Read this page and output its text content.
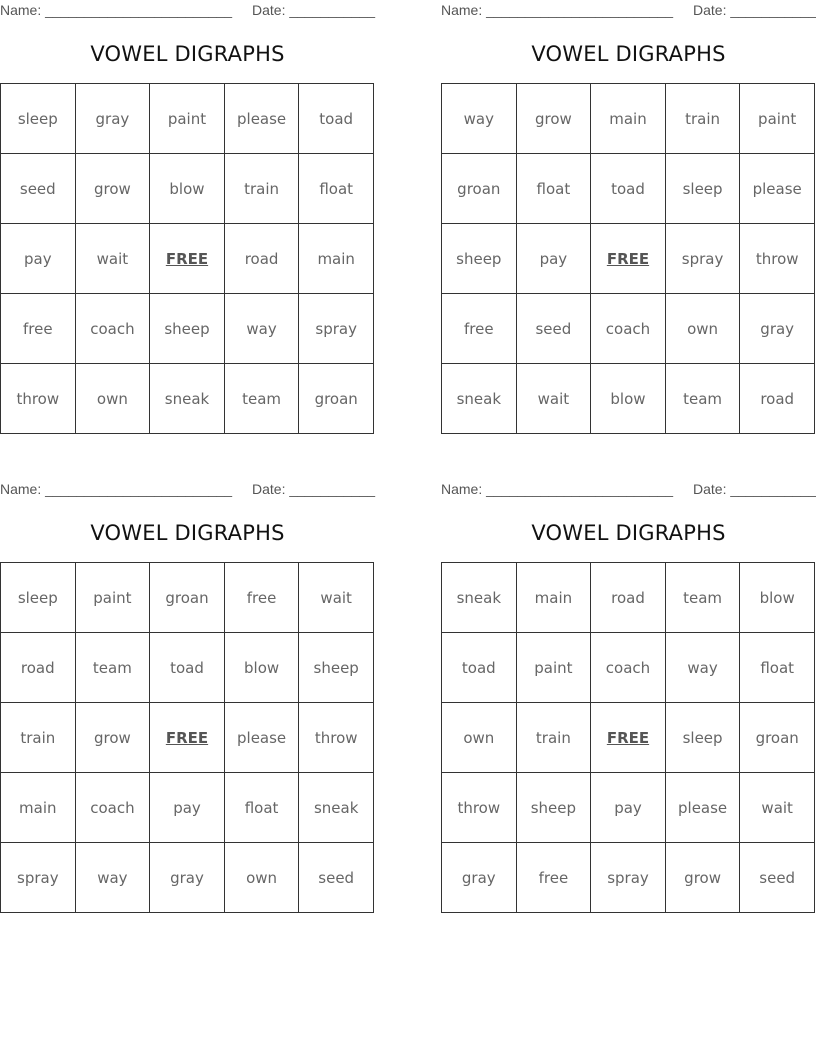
Name: ________________________ Date: ___________
VOWEL DIGRAPHS
sleep	gray	paint	please	toad
seed	grow	blow	train	float
pay	wait	FREE	road	main
free	coach	sheep	way	spray
throw	own	sneak	team	groan
Name: ________________________ Date: ___________
VOWEL DIGRAPHS
way	grow	main	train	paint
groan	float	toad	sleep	please
sheep	pay	FREE	spray	throw
free	seed	coach	own	gray
sneak	wait	blow	team	road
Name: ________________________ Date: ___________
VOWEL DIGRAPHS
sleep	paint	groan	free	wait
road	team	toad	blow	sheep
train	grow	FREE	please	throw
main	coach	pay	float	sneak
spray	way	gray	own	seed
Name: ________________________ Date: ___________
VOWEL DIGRAPHS
sneak	main	road	team	blow
toad	paint	coach	way	float
own	train	FREE	sleep	groan
throw	sheep	pay	please	wait
gray	free	spray	grow	seed
